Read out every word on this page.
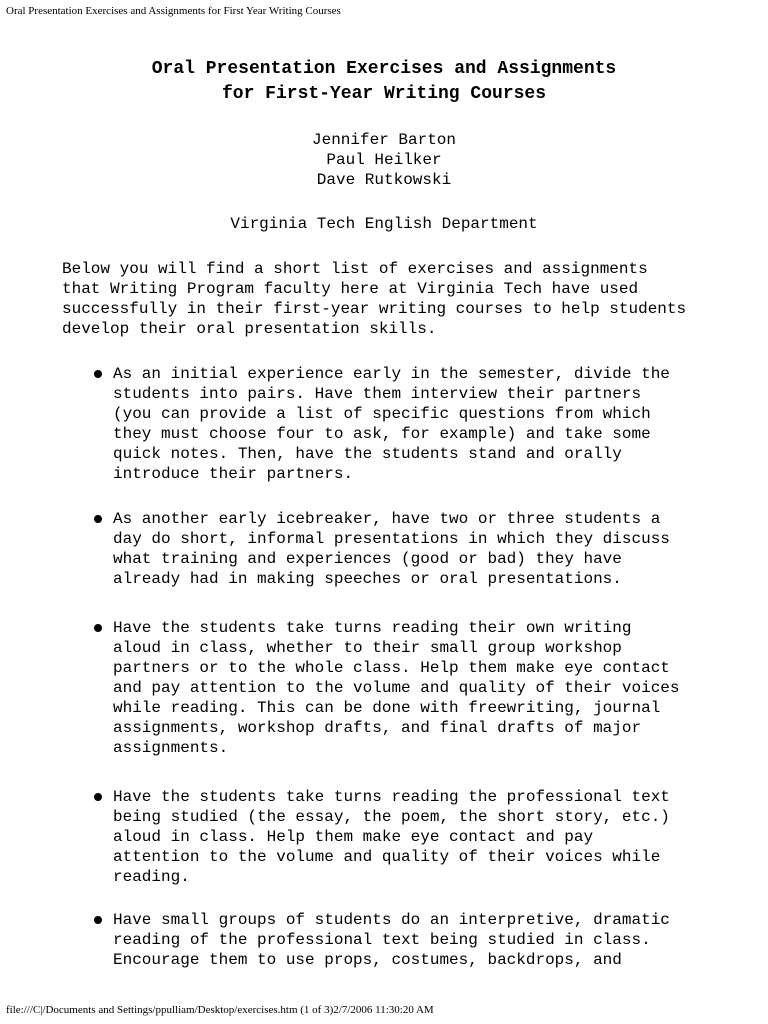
Oral Presentation Exercises and Assignments for First Year Writing Courses
Oral Presentation Exercises and Assignments
for First-Year Writing Courses
Jennifer Barton
Paul Heilker
Dave Rutkowski
Virginia Tech English Department

Below you will find a short list of exercises and assignments
that Writing Program faculty here at Virginia Tech have used
successfully in their first-year writing courses to help students
develop their oral presentation skills.

As an initial experience early in the semester, divide the
students into pairs. Have them interview their partners
(you can provide a list of specific questions from which
they must choose four to ask, for example) and take some
quick notes. Then, have the students stand and orally
introduce their partners.

As another early icebreaker, have two or three students a
day do short, informal presentations in which they discuss
what training and experiences (good or bad) they have
already had in making speeches or oral presentations.

Have the students take turns reading their own writing
aloud in class, whether to their small group workshop
partners or to the whole class. Help them make eye contact
and pay attention to the volume and quality of their voices
while reading. This can be done with freewriting, journal
assignments, workshop drafts, and final drafts of major
assignments.

Have the students take turns reading the professional text
being studied (the essay, the poem, the short story, etc.)
aloud in class. Help them make eye contact and pay
attention to the volume and quality of their voices while
reading.

Have small groups of students do an interpretive, dramatic
reading of the professional text being studied in class.
Encourage them to use props, costumes, backdrops, and

file:///C|/Documents and Settings/ppulliam/Desktop/exercises.htm (1 of 3)2/7/2006 11:30:20 AM
